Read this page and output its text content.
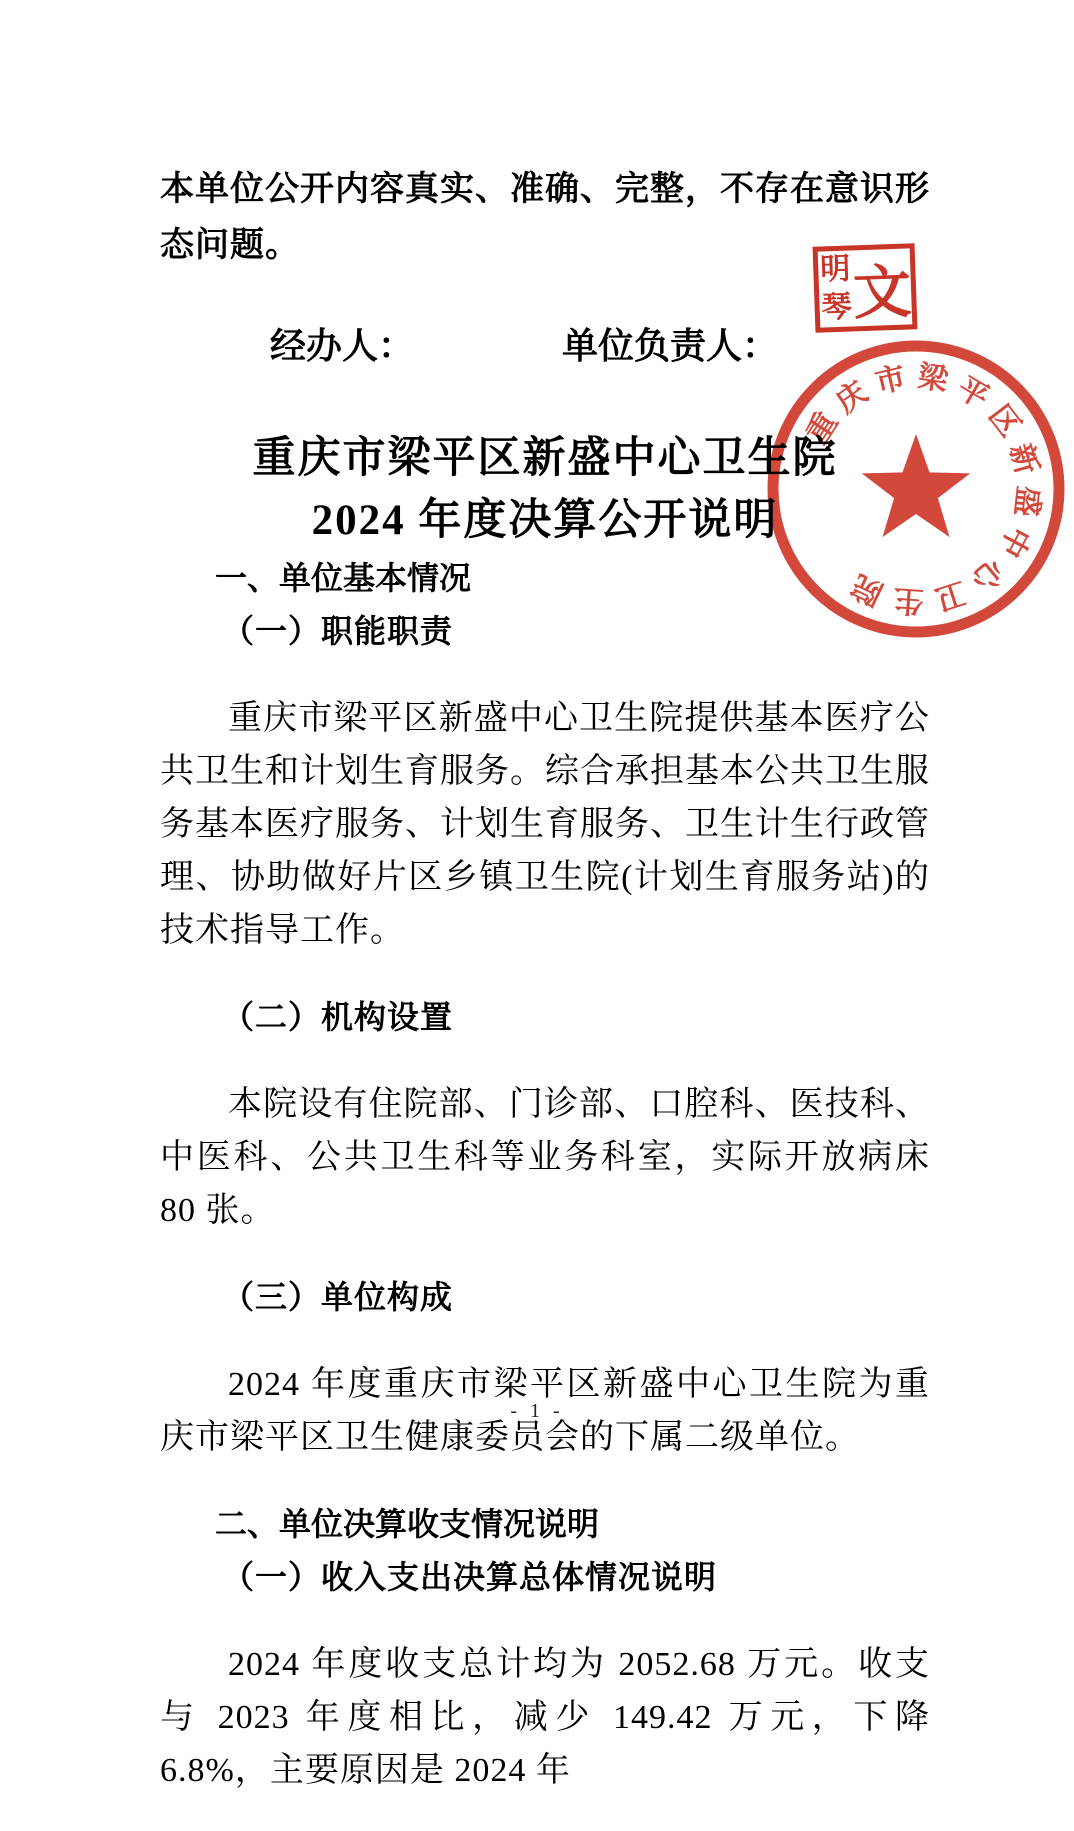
本单位公开内容真实、准确、完整，不存在意识形态问题。

经办人：	单位负责人：
重庆市梁平区新盛中心卫生院
2024 年度决算公开说明
一、单位基本情况
（一）职能职责

重庆市梁平区新盛中心卫生院提供基本医疗公共卫生和计划生育服务。综合承担基本公共卫生服务基本医疗服务、计划生育服务、卫生计生行政管理、协助做好片区乡镇卫生院(计划生育服务站)的技术指导工作。

（二）机构设置

本院设有住院部、门诊部、口腔科、医技科、中医科、公共卫生科等业务科室，实际开放病床 80 张。

（三）单位构成

2024 年度重庆市梁平区新盛中心卫生院为重庆市梁平区卫生健康委员会的下属二级单位。

二、单位决算收支情况说明
（一）收入支出决算总体情况说明

2024 年度收支总计均为 2052.68 万元。收支与 2023 年度相比，减少 149.42 万元，下降 6.8%，主要原因是 2024 年

明
琴 文
重
庆
市 梁 平
区
新
盛
中
心
卫
生
院
- 1 -
